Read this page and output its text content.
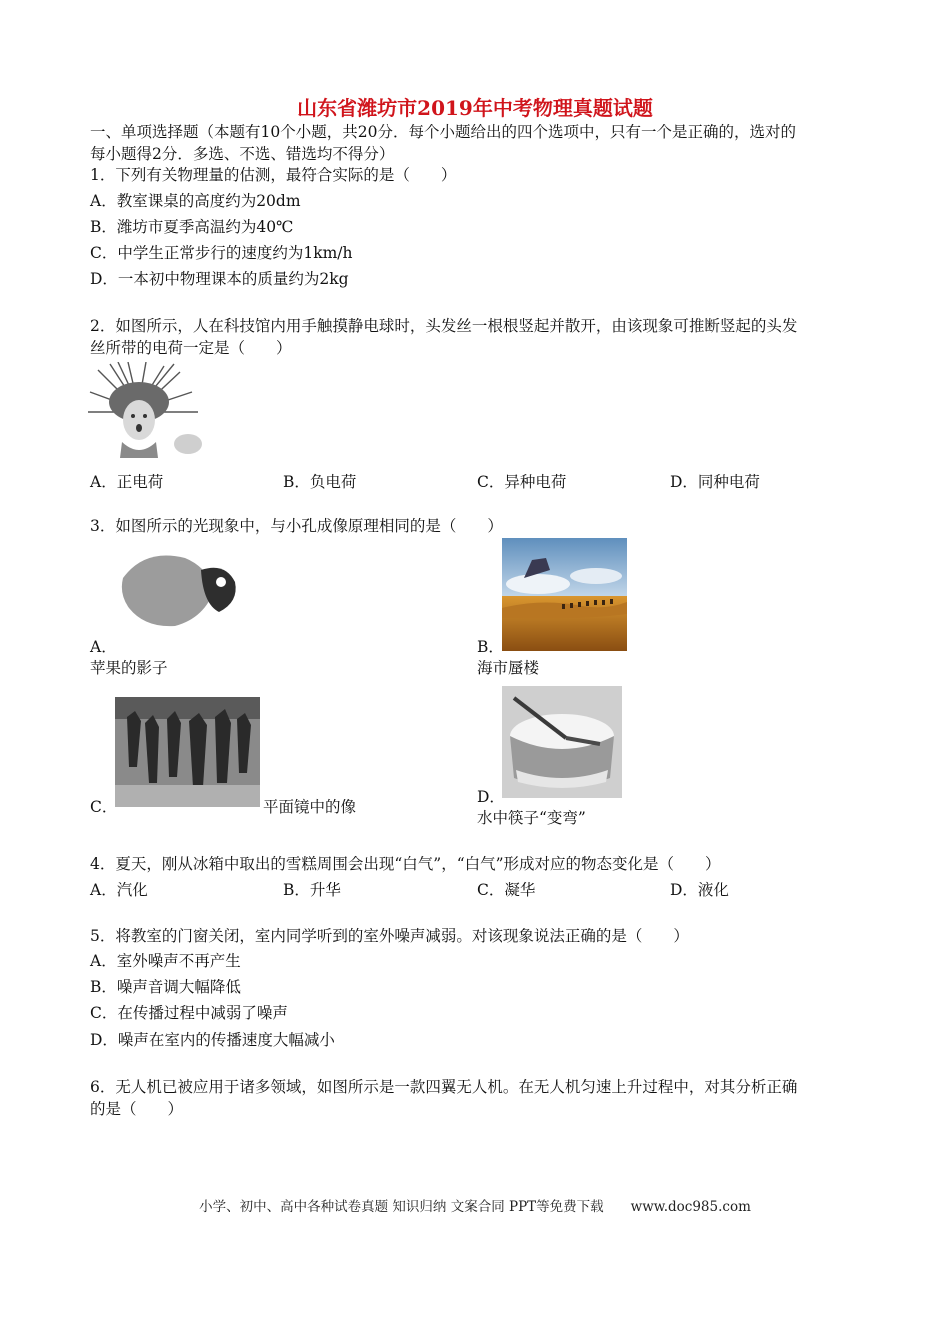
山东省潍坊市2019年中考物理真题试题
一、单项选择题（本题有10个小题，共20分．每个小题给出的四个选项中，只有一个是正确的，选对的
每小题得2分．多选、不选、错选均不得分）
1．下列有关物理量的估测，最符合实际的是（　　）
A．教室课桌的高度约为20dm
B．潍坊市夏季高温约为40℃
C．中学生正常步行的速度约为1km/h
D．一本初中物理课本的质量约为2kg
2．如图所示，人在科技馆内用手触摸静电球时，头发丝一根根竖起并散开，由该现象可推断竖起的头发
丝所带的电荷一定是（　　）
A．正电荷	B．负电荷	C．异种电荷	D．同种电荷
3．如图所示的光现象中，与小孔成像原理相同的是（　　）
A．
苹果的影子
B．
海市蜃楼
C．	平面镜中的像
D．
水中筷子“变弯”
4．夏天，刚从冰箱中取出的雪糕周围会出现“白气”，“白气”形成对应的物态变化是（　　）
A．汽化	B．升华	C．凝华	D．液化
5．将教室的门窗关闭，室内同学听到的室外噪声减弱。对该现象说法正确的是（　　）
A．室外噪声不再产生
B．噪声音调大幅降低
C．在传播过程中减弱了噪声
D．噪声在室内的传播速度大幅减小
6．无人机已被应用于诸多领域，如图所示是一款四翼无人机。在无人机匀速上升过程中，对其分析正确
的是（　　）
小学、初中、高中各种试卷真题 知识归纳 文案合同 PPT等免费下载　　www.doc985.com
